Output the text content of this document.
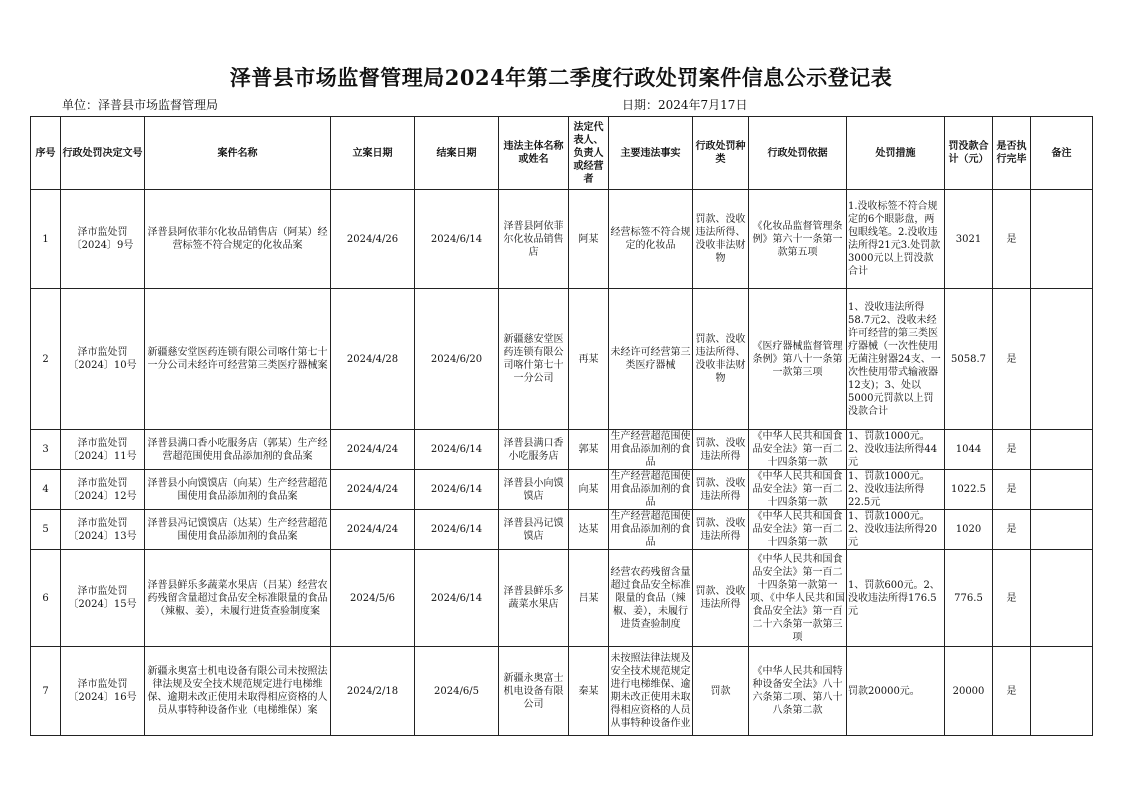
泽普县市场监督管理局2024年第二季度行政处罚案件信息公示登记表
单位：泽普县市场监督管理局	日期：2024年7月17日
序号	行政处罚决定文号	案件名称	立案日期	结案日期	违法主体名称或姓名	法定代表人、负责人或经营者	主要违法事实	行政处罚种类	行政处罚依据	处罚措施	罚没款合计（元）	是否执行完毕	备注
1	泽市监处罚〔2024〕9号	泽普县阿依菲尔化妆品销售店（阿某）经营标签不符合规定的化妆品案	2024/4/26	2024/6/14	泽普县阿依菲尔化妆品销售店	阿某	经营标签不符合规定的化妆品	罚款、没收违法所得、没收非法财物	《化妆品监督管理条例》第六十一条第一款第五项	1.没收标签不符合规定的6个眼影盘，两包眼线笔。2.没收违法所得21元3.处罚款3000元以上罚没款合计	3021	是	
2	泽市监处罚〔2024〕10号	新疆慈安堂医药连锁有限公司喀什第七十一分公司未经许可经营第三类医疗器械案	2024/4/28	2024/6/20	新疆慈安堂医药连锁有限公司喀什第七十一分公司	再某	未经许可经营第三类医疗器械	罚款、没收违法所得、没收非法财物	《医疗器械监督管理条例》第八十一条第一款第三项	1、没收违法所得58.7元2、没收未经许可经营的第三类医疗器械（一次性使用无菌注射器24支、一次性使用带式输液器12支)；3、处以5000元罚款以上罚没款合计	5058.7	是	
3	泽市监处罚〔2024〕11号	泽普县满口香小吃服务店（郭某）生产经营超范围使用食品添加剂的食品案	2024/4/24	2024/6/14	泽普县满口香小吃服务店	郭某	生产经营超范围使用食品添加剂的食品	罚款、没收违法所得	《中华人民共和国食品安全法》第一百二十四条第一款	1、罚款1000元。2、没收违法所得44元	1044	是	
4	泽市监处罚〔2024〕12号	泽普县小向馍馍店（向某）生产经营超范围使用食品添加剂的食品案	2024/4/24	2024/6/14	泽普县小向馍馍店	向某	生产经营超范围使用食品添加剂的食品	罚款、没收违法所得	《中华人民共和国食品安全法》第一百二十四条第一款	1、罚款1000元。2、没收违法所得22.5元	1022.5	是	
5	泽市监处罚〔2024〕13号	泽普县冯记馍馍店（达某）生产经营超范围使用食品添加剂的食品案	2024/4/24	2024/6/14	泽普县冯记馍馍店	达某	生产经营超范围使用食品添加剂的食品	罚款、没收违法所得	《中华人民共和国食品安全法》第一百二十四条第一款	1、罚款1000元。2、没收违法所得20元	1020	是	
6	泽市监处罚〔2024〕15号	泽普县鲜乐多蔬菜水果店（吕某）经营农药残留含量超过食品安全标准限量的食品（辣椒、姜），未履行进货查验制度案	2024/5/6	2024/6/14	泽普县鲜乐多蔬菜水果店	吕某	经营农药残留含量超过食品安全标准限量的食品（辣椒、姜），未履行进货查验制度	罚款、没收违法所得	《中华人民共和国食品安全法》第一百二十四条第一款第一项、《中华人民共和国食品安全法》第一百二十六条第一款第三项	1、罚款600元。2、没收违法所得176.5元	776.5	是	
7	泽市监处罚〔2024〕16号	新疆永奥富士机电设备有限公司未按照法律法规及安全技术规范规定进行电梯维保、逾期未改正使用未取得相应资格的人员从事特种设备作业（电梯维保）案	2024/2/18	2024/6/5	新疆永奥富士机电设备有限公司	秦某	未按照法律法规及安全技术规范规定进行电梯维保、逾期未改正使用未取得相应资格的人员从事特种设备作业	罚款	《中华人民共和国特种设备安全法》八十六条第二项、第八十八条第二款	罚款20000元。	20000	是	
